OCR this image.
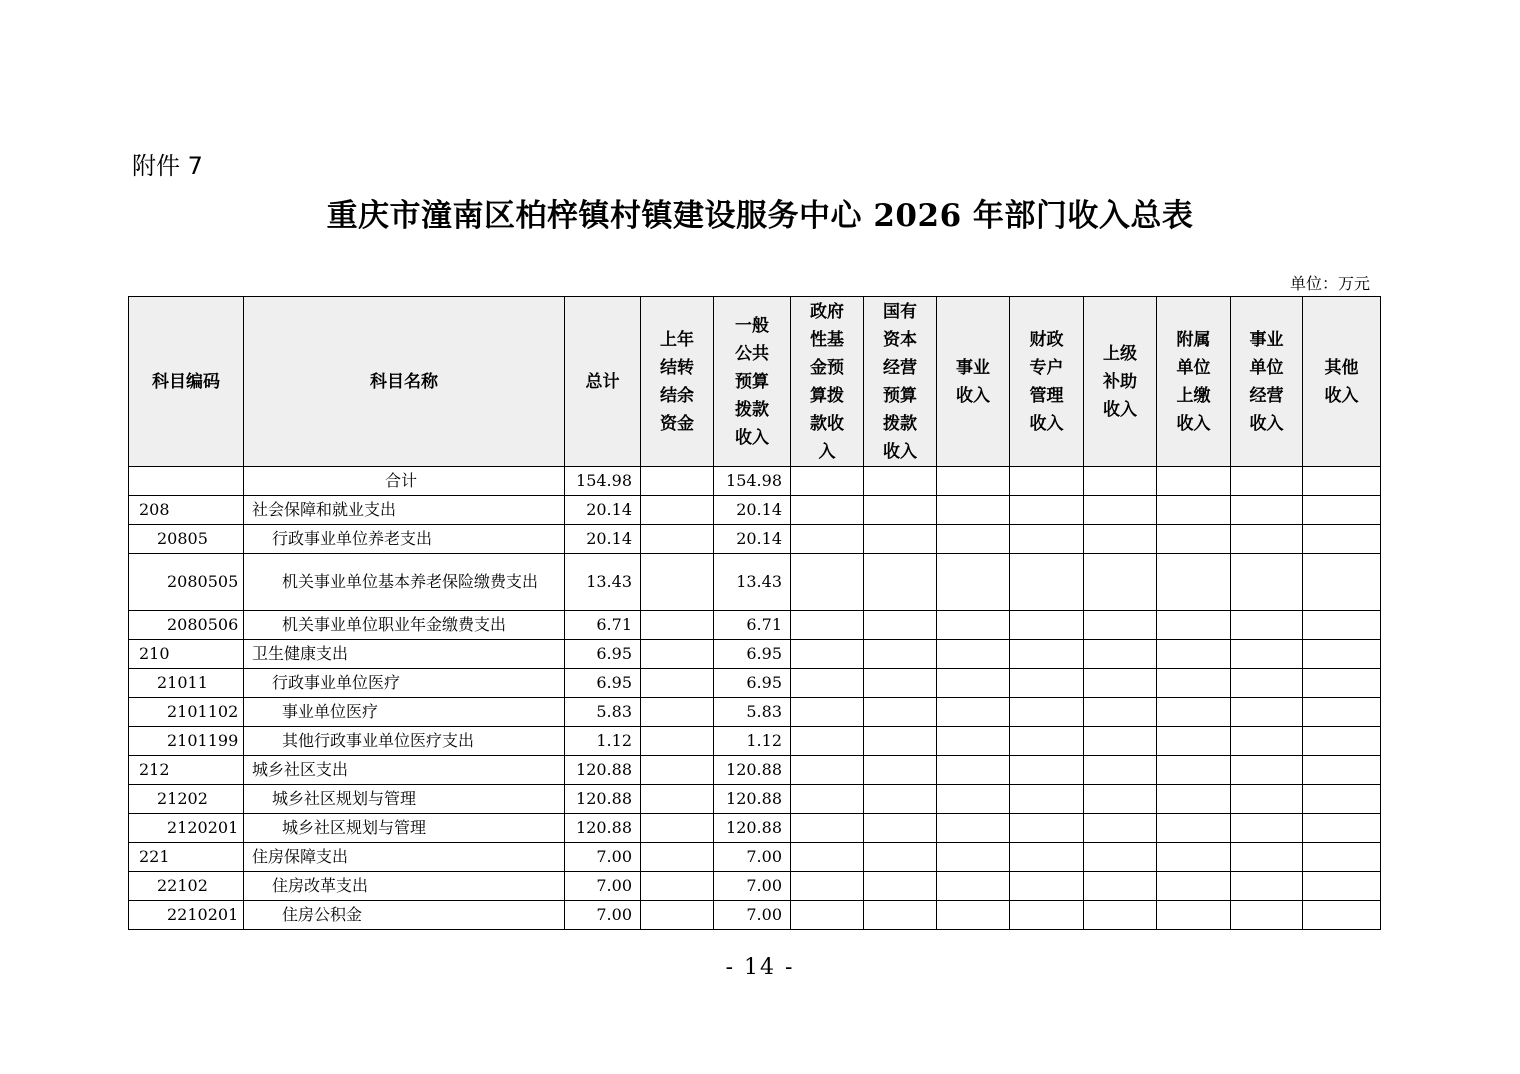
附件 7
重庆市潼南区柏梓镇村镇建设服务中心 2026 年部门收入总表
单位：万元
科目编码	科目名称	总计	上年结转结余资金	一般公共预算拨款收入	政府性基金预算拨款收入	国有资本经营预算拨款收入	事业收入	财政专户管理收入	上级补助收入	附属单位上缴收入	事业单位经营收入	其他收入

	合计	154.98		154.98								
208	社会保障和就业支出	20.14		20.14								
20805	行政事业单位养老支出	20.14		20.14								
2080505	机关事业单位基本养老保险缴费支出	13.43		13.43								
2080506	机关事业单位职业年金缴费支出	6.71		6.71								
210	卫生健康支出	6.95		6.95								
21011	行政事业单位医疗	6.95		6.95								
2101102	事业单位医疗	5.83		5.83								
2101199	其他行政事业单位医疗支出	1.12		1.12								
212	城乡社区支出	120.88		120.88								
21202	城乡社区规划与管理	120.88		120.88								
2120201	城乡社区规划与管理	120.88		120.88								
221	住房保障支出	7.00		7.00								
22102	住房改革支出	7.00		7.00								
2210201	住房公积金	7.00		7.00								
- 14 -
